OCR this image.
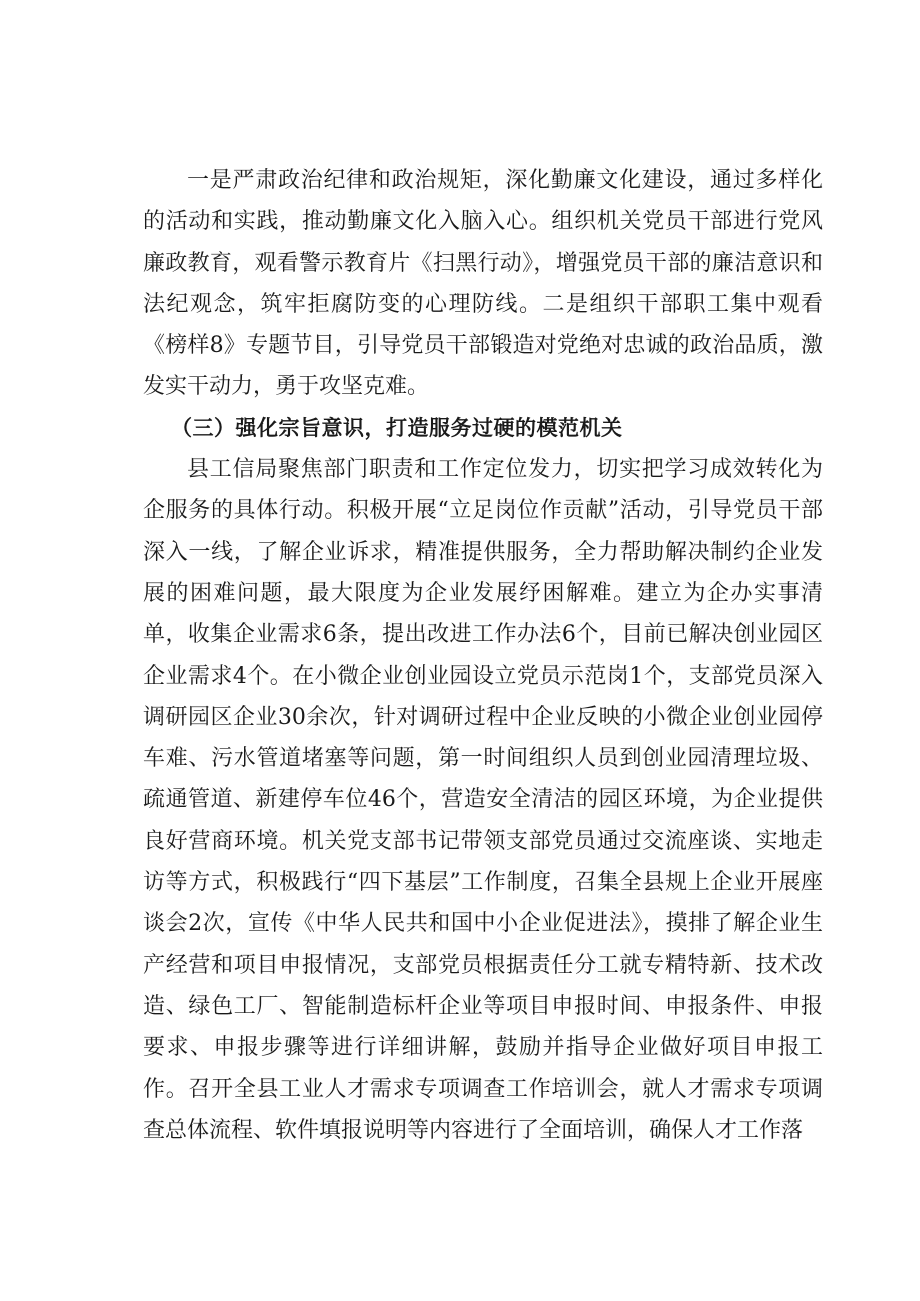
一是严肃政治纪律和政治规矩，深化勤廉文化建设，通过多样化的活动和实践，推动勤廉文化入脑入心。组织机关党员干部进行党风廉政教育，观看警示教育片《扫黑行动》，增强党员干部的廉洁意识和法纪观念，筑牢拒腐防变的心理防线。二是组织干部职工集中观看《榜样8》专题节目，引导党员干部锻造对党绝对忠诚的政治品质，激发实干动力，勇于攻坚克难。

（三）强化宗旨意识，打造服务过硬的模范机关

县工信局聚焦部门职责和工作定位发力，切实把学习成效转化为企服务的具体行动。积极开展“立足岗位作贡献”活动，引导党员干部深入一线，了解企业诉求，精准提供服务，全力帮助解决制约企业发展的困难问题，最大限度为企业发展纾困解难。建立为企办实事清单，收集企业需求6条，提出改进工作办法6个，目前已解决创业园区企业需求4个。在小微企业创业园设立党员示范岗1个，支部党员深入调研园区企业30余次，针对调研过程中企业反映的小微企业创业园停车难、污水管道堵塞等问题，第一时间组织人员到创业园清理垃圾、疏通管道、新建停车位46个，营造安全清洁的园区环境，为企业提供良好营商环境。机关党支部书记带领支部党员通过交流座谈、实地走访等方式，积极践行“四下基层”工作制度，召集全县规上企业开展座谈会2次，宣传《中华人民共和国中小企业促进法》，摸排了解企业生产经营和项目申报情况，支部党员根据责任分工就专精特新、技术改造、绿色工厂、智能制造标杆企业等项目申报时间、申报条件、申报要求、申报步骤等进行详细讲解，鼓励并指导企业做好项目申报工作。召开全县工业人才需求专项调查工作培训会，就人才需求专项调查总体流程、软件填报说明等内容进行了全面培训，确保人才工作落
